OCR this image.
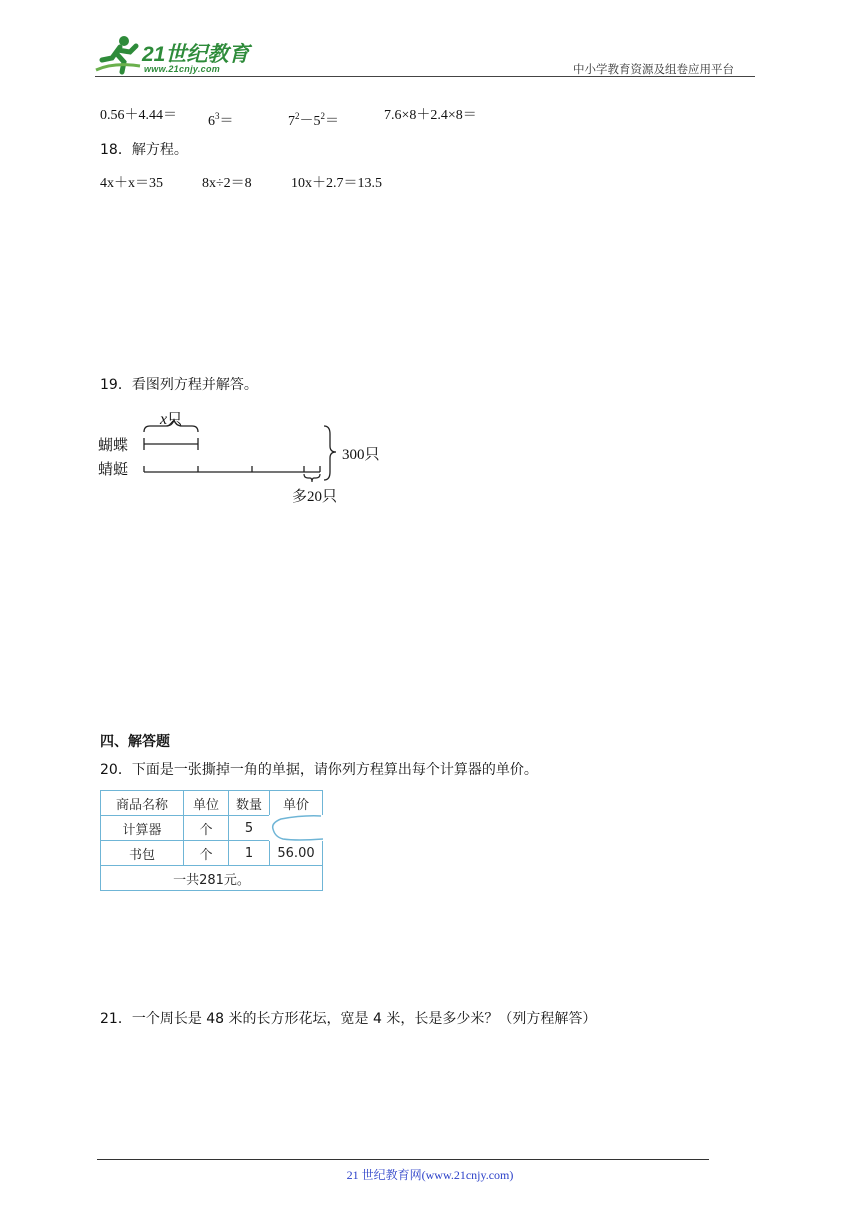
21世纪教育
www.21cnjy.com	中小学教育资源及组卷应用平台
$0.56+4.44= 6^3=$	$7^2-5^2=$	7.6×8＋2.4×8＝
18．解方程。
4x＋x＝35	8x÷2＝8	10x＋2.7＝13.5
19．看图列方程并解答。
x只
蝴蝶
蜻蜓
300只
多20只
四、解答题
20．下面是一张撕掉一角的单据，请你列方程算出每个计算器的单价。
商品名称	单位	数量	单价
计算器	个	5	

书包	个	1	56.00
一共281元。			
21．一个周长是 48 米的长方形花坛，宽是 4 米，长是多少米？（列方程解答）
21 世纪教育网(www.21cnjy.com)
